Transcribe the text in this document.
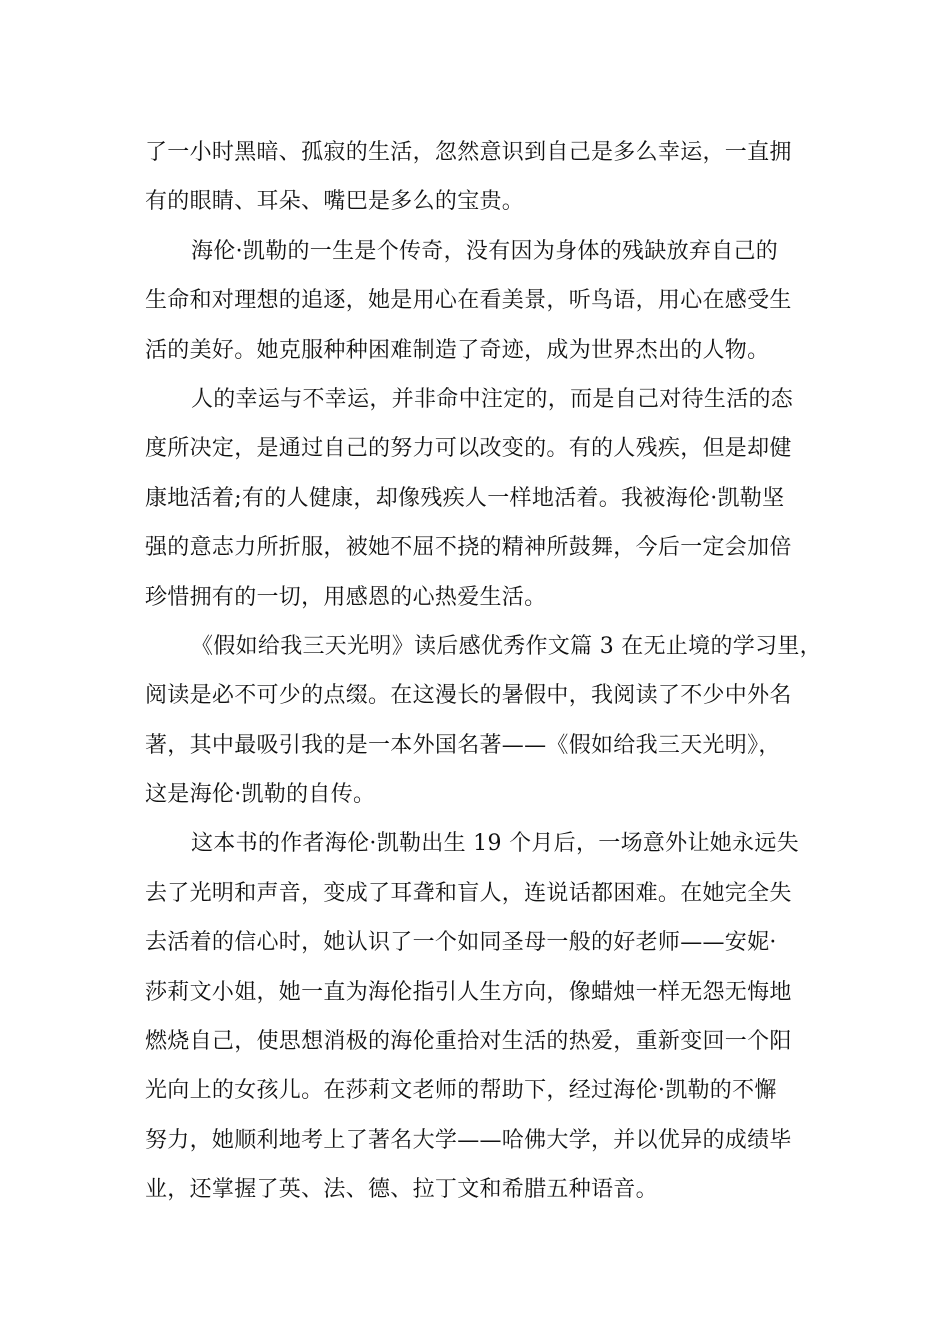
了一小时黑暗、孤寂的生活，忽然意识到自己是多么幸运，一直拥
有的眼睛、耳朵、嘴巴是多么的宝贵。
海伦·凯勒的一生是个传奇，没有因为身体的残缺放弃自己的
生命和对理想的追逐，她是用心在看美景，听鸟语，用心在感受生
活的美好。她克服种种困难制造了奇迹，成为世界杰出的人物。
人的幸运与不幸运，并非命中注定的，而是自己对待生活的态
度所决定，是通过自己的努力可以改变的。有的人残疾，但是却健
康地活着;有的人健康，却像残疾人一样地活着。我被海伦·凯勒坚
强的意志力所折服，被她不屈不挠的精神所鼓舞，今后一定会加倍
珍惜拥有的一切，用感恩的心热爱生活。
《假如给我三天光明》读后感优秀作文篇 3 在无止境的学习里，
阅读是必不可少的点缀。在这漫长的暑假中，我阅读了不少中外名
著，其中最吸引我的是一本外国名著——《假如给我三天光明》，
这是海伦·凯勒的自传。
这本书的作者海伦·凯勒出生 19 个月后，一场意外让她永远失
去了光明和声音，变成了耳聋和盲人，连说话都困难。在她完全失
去活着的信心时，她认识了一个如同圣母一般的好老师——安妮·
莎莉文小姐，她一直为海伦指引人生方向，像蜡烛一样无怨无悔地
燃烧自己，使思想消极的海伦重拾对生活的热爱，重新变回一个阳
光向上的女孩儿。在莎莉文老师的帮助下，经过海伦·凯勒的不懈
努力，她顺利地考上了著名大学——哈佛大学，并以优异的成绩毕
业，还掌握了英、法、德、拉丁文和希腊五种语音。
